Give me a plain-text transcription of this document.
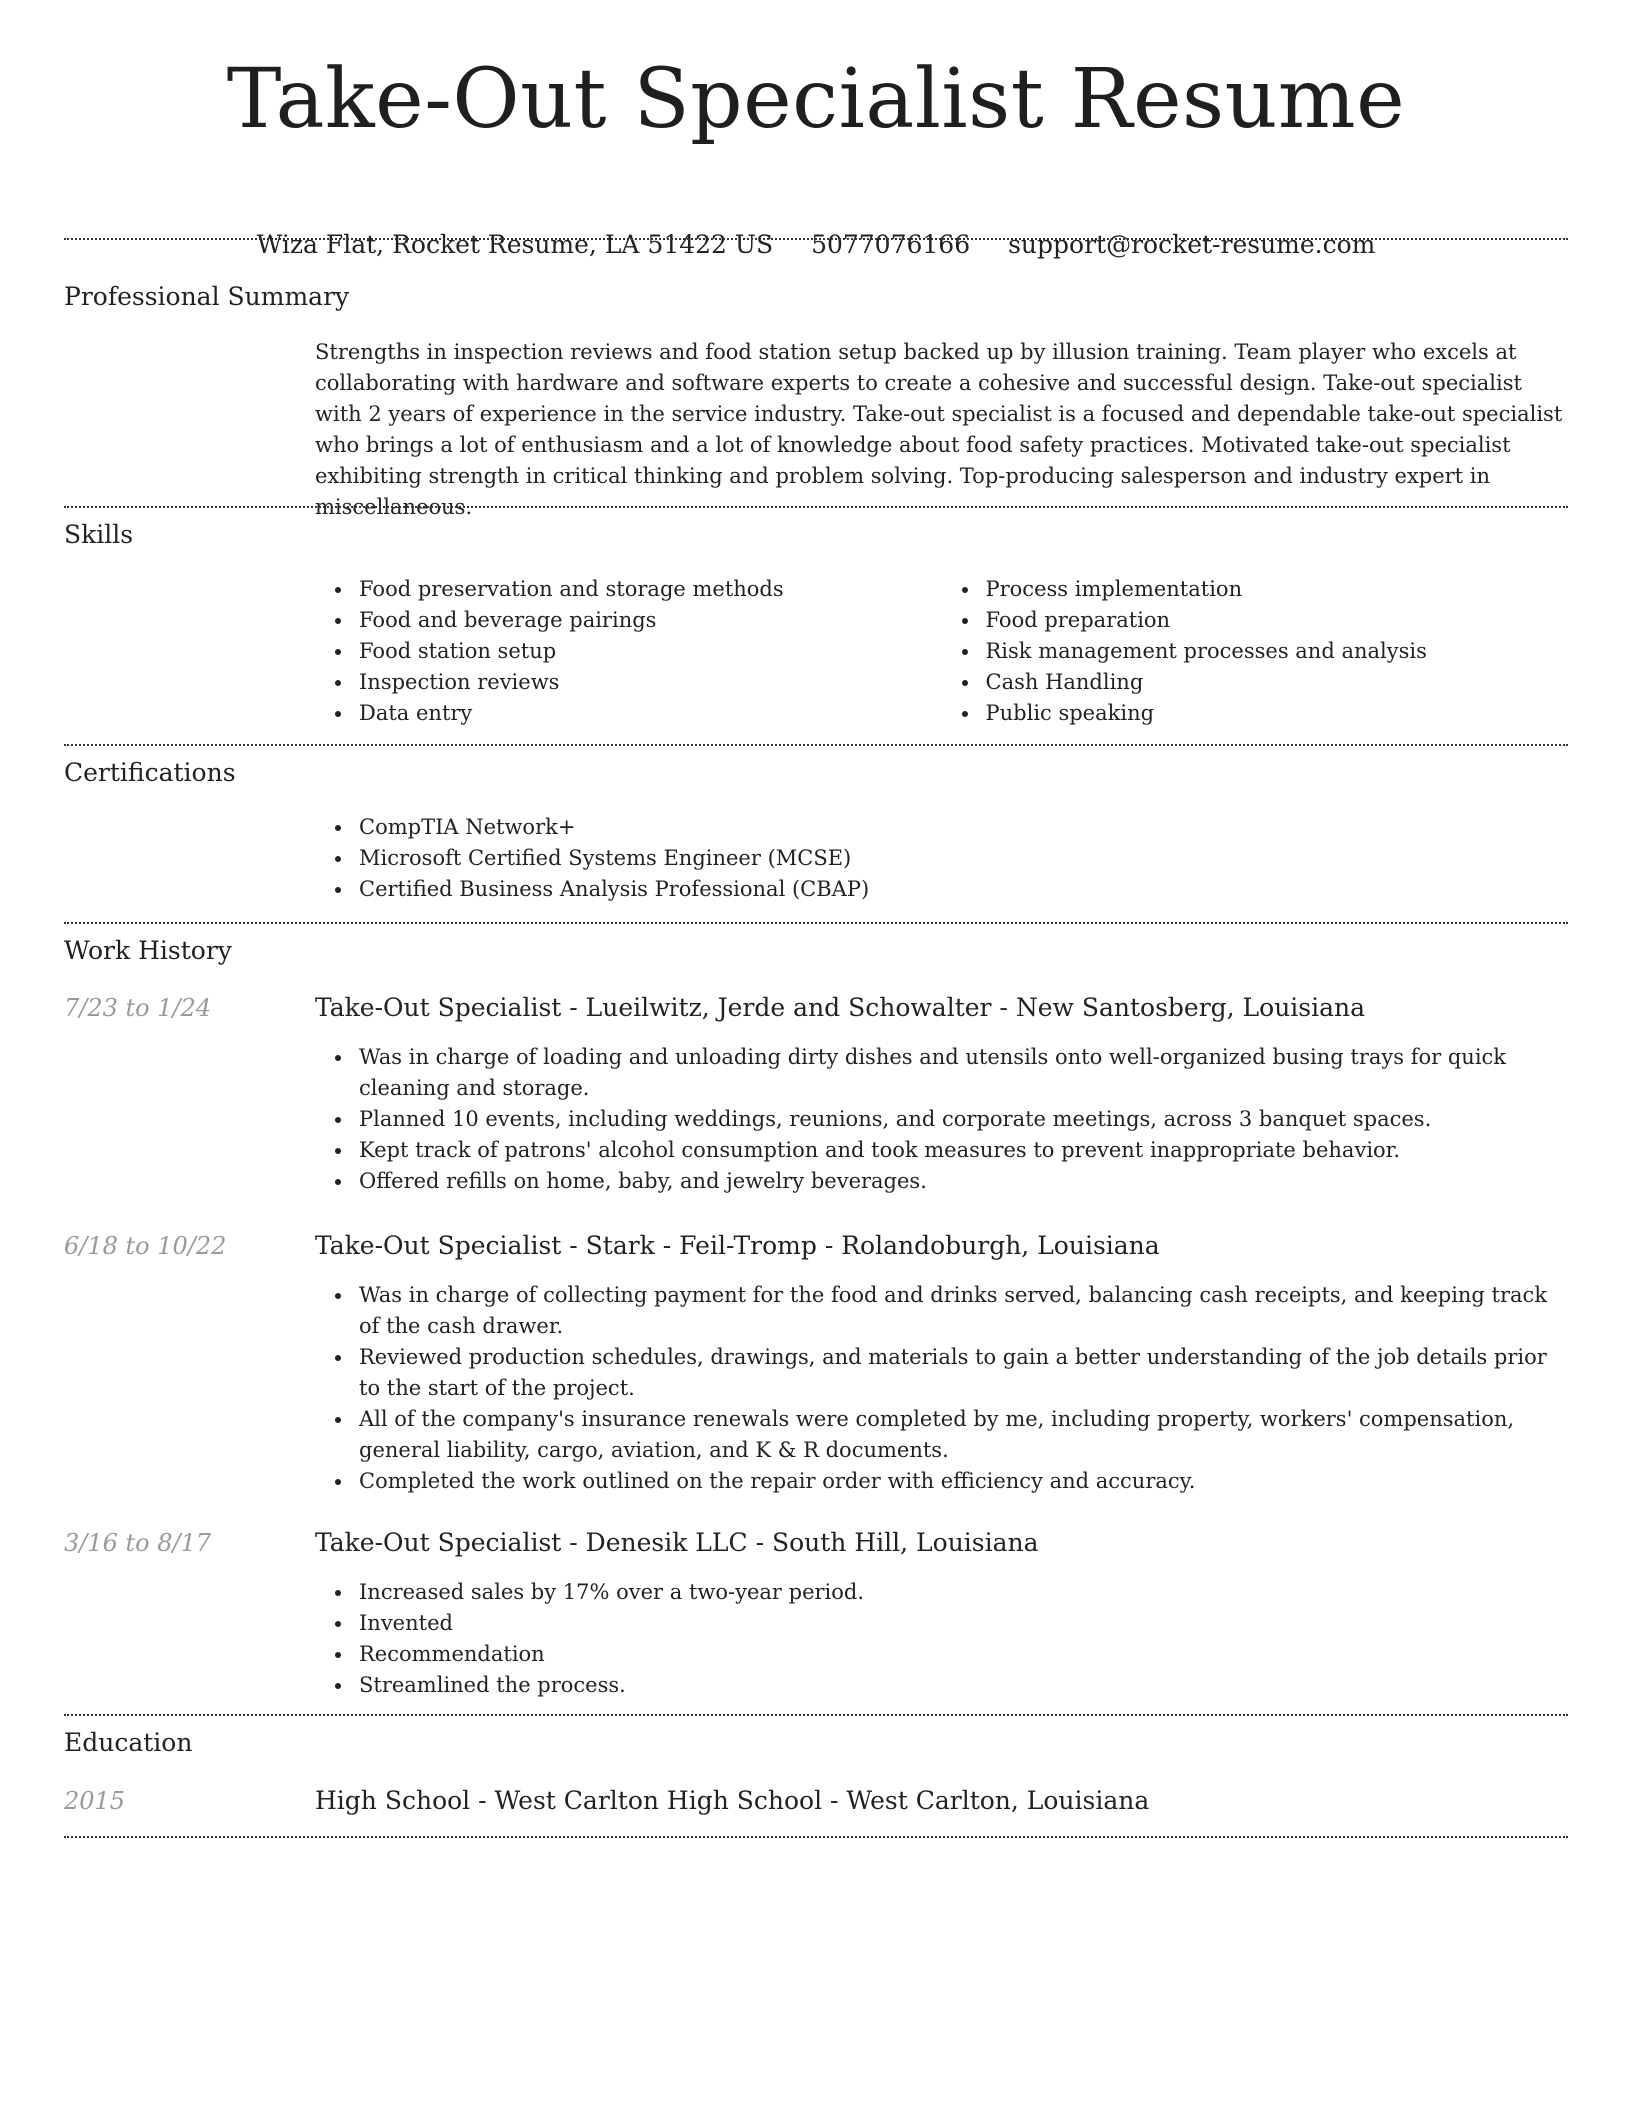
Take-Out Specialist Resume
Wiza Flat, Rocket Resume, LA 51422 US 5077076166 support@rocket-resume.com
Professional Summary

Strengths in inspection reviews and food station setup backed up by illusion training. Team player who excels at collaborating with hardware and software experts to create a cohesive and successful design. Take-out specialist with 2 years of experience in the service industry. Take-out specialist is a focused and dependable take-out specialist who brings a lot of enthusiasm and a lot of knowledge about food safety practices. Motivated take-out specialist exhibiting strength in critical thinking and problem solving. Top-producing salesperson and industry expert in miscellaneous.

Skills
Food preservation and storage methods
Food and beverage pairings
Food station setup
Inspection reviews
Data entry
Process implementation
Food preparation
Risk management processes and analysis
Cash Handling
Public speaking
Certifications
CompTIA Network+
Microsoft Certified Systems Engineer (MCSE)
Certified Business Analysis Professional (CBAP)
Work History
7/23 to 1/24	Take-Out Specialist - Lueilwitz, Jerde and Schowalter - New Santosberg, Louisiana
Was in charge of loading and unloading dirty dishes and utensils onto well-organized busing trays for quick cleaning and storage.
Planned 10 events, including weddings, reunions, and corporate meetings, across 3 banquet spaces.
Kept track of patrons' alcohol consumption and took measures to prevent inappropriate behavior.
Offered refills on home, baby, and jewelry beverages.
6/18 to 10/22	Take-Out Specialist - Stark - Feil-Tromp - Rolandoburgh, Louisiana
Was in charge of collecting payment for the food and drinks served, balancing cash receipts, and keeping track of the cash drawer.
Reviewed production schedules, drawings, and materials to gain a better understanding of the job details prior to the start of the project.
All of the company's insurance renewals were completed by me, including property, workers' compensation, general liability, cargo, aviation, and K & R documents.
Completed the work outlined on the repair order with efficiency and accuracy.
3/16 to 8/17	Take-Out Specialist - Denesik LLC - South Hill, Louisiana
Increased sales by 17% over a two-year period.
Invented
Recommendation
Streamlined the process.
Education
2015	High School - West Carlton High School - West Carlton, Louisiana
